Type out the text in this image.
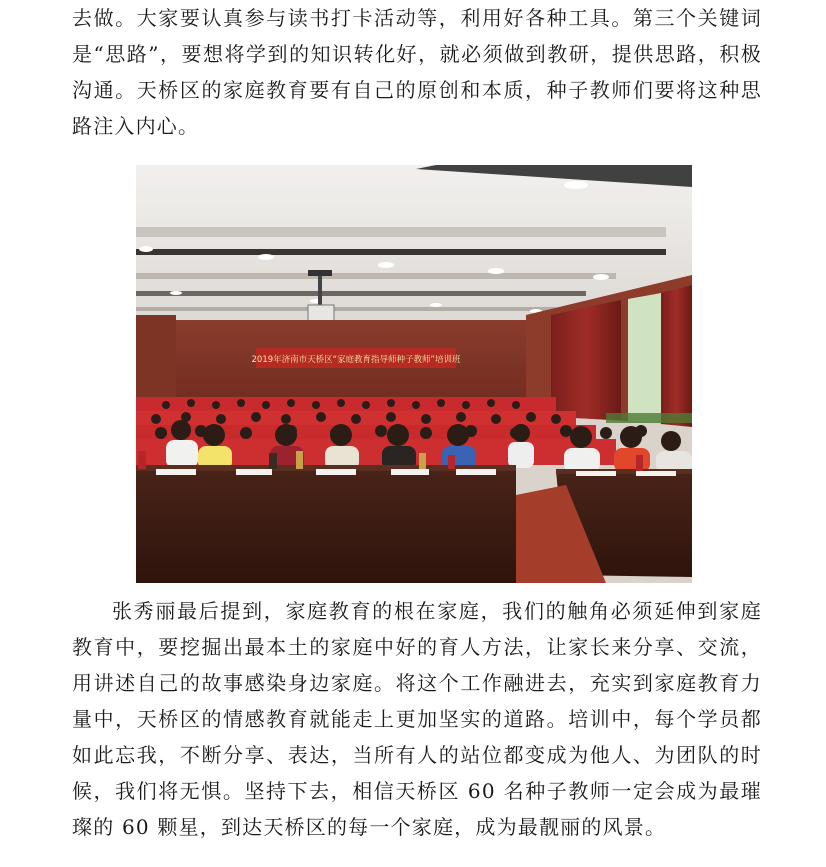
去做。大家要认真参与读书打卡活动等，利用好各种工具。第三个关键词是“思路”，要想将学到的知识转化好，就必须做到教研，提供思路，积极沟通。天桥区的家庭教育要有自己的原创和本质，种子教师们要将这种思路注入内心。

2019年济南市天桥区“家庭教育指导师种子教师”培训班

张秀丽最后提到，家庭教育的根在家庭，我们的触角必须延伸到家庭教育中，要挖掘出最本土的家庭中好的育人方法，让家长来分享、交流，用讲述自己的故事感染身边家庭。将这个工作融进去，充实到家庭教育力量中，天桥区的情感教育就能走上更加坚实的道路。培训中，每个学员都如此忘我，不断分享、表达，当所有人的站位都变成为他人、为团队的时候，我们将无惧。坚持下去，相信天桥区 60 名种子教师一定会成为最璀璨的 60 颗星，到达天桥区的每一个家庭，成为最靓丽的风景。
